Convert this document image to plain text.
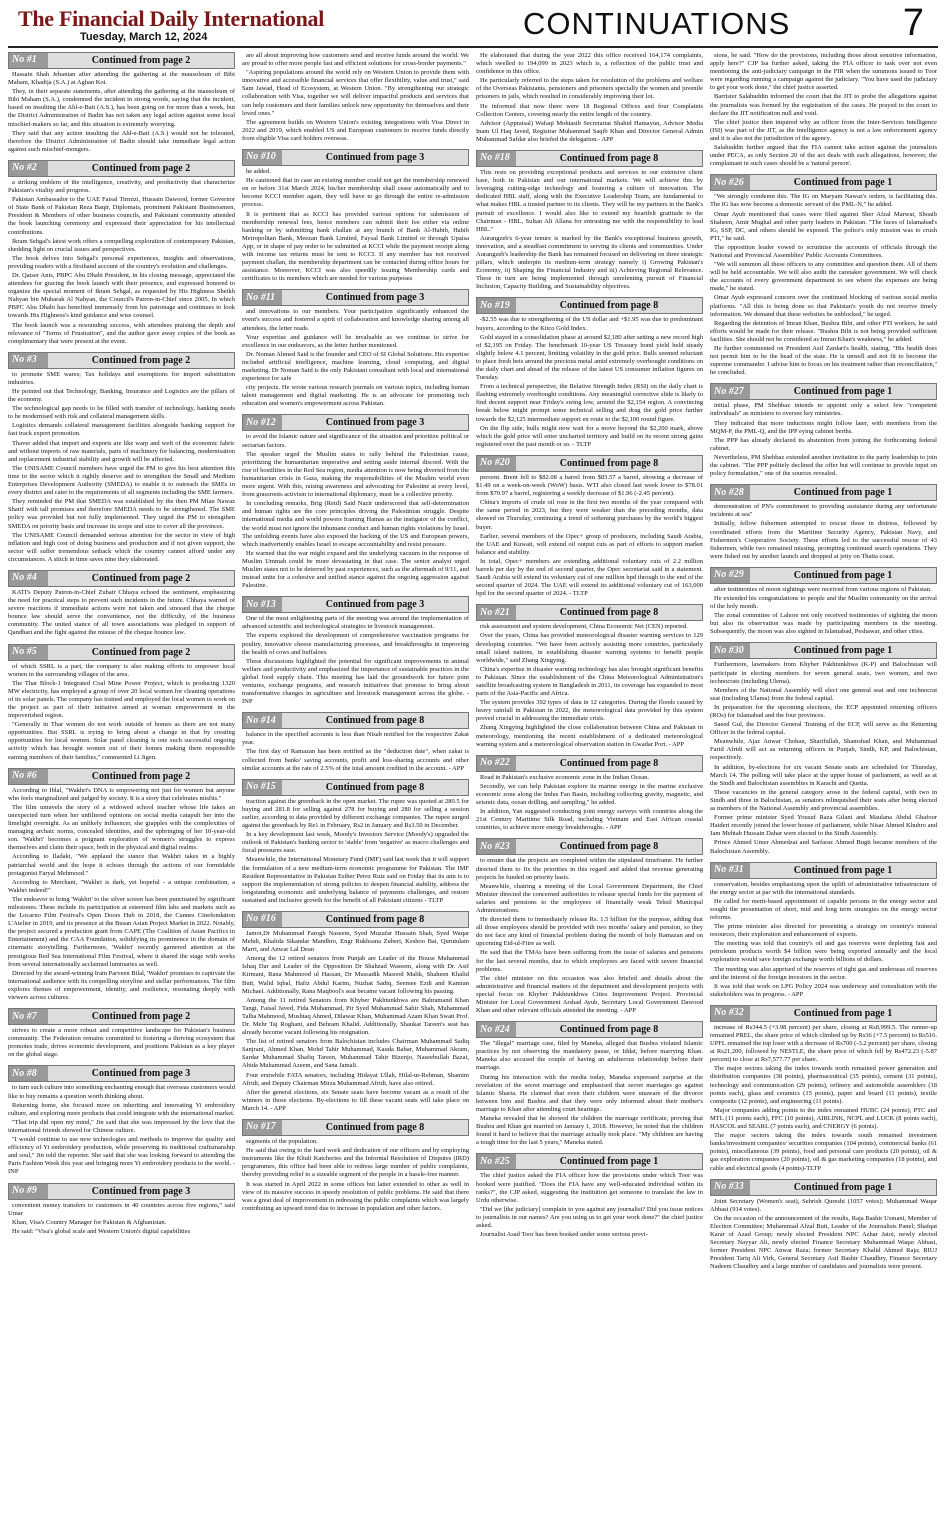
The Financial Daily International
Tuesday, March 12, 2024	CONTINUATIONS	7
No #1	Continued from page 2

Hassain Shah Jehanian after attending the gathering at the mausoleum of Bibi Maham, Khadija (S.A.) at Aghan Kot.

They, in their separate statements, after attending the gathering at the mausoleum of Bibi Maham (S.A.), condemned the incident in strong words, saying that the incident, based on insulting the Ahl-e-Bait (A.S.), has been going on for more than a week, but the District Administration of Badin has not taken any legal action against some local mischief-makers so far, and this situation is extremely worrying.

They said that any action insulting the Ahl-e-Bait (A.S.) would not be tolerated, therefore the District Administration of Badin should take immediate legal action against such mischief-mongers.

No #2	Continued from page 2

a striking emblem of the intelligence, creativity, and productivity that characterize Pakistan's vitality and progress.

Pakistan Ambassador to the UAE Faisal Tirmizi, Hussain Dawood, former Governor of State Bank of Pakistan Reza Baqir, Diplomats, prominent Pakistani Businessmen, President & Members of other business councils, and Pakistani community attended the book launching ceremony and expressed their appreciation for his intellectual contributions.

Ikram Sehgal's latest work offers a compelling exploration of contemporary Pakistan, shedding light on crucial issues and perspectives.

The book delves into Sehgal's personal experiences, insights and observations, providing readers with a firsthand account of the country's evolution and challenges.

Dr. Qaiser Anis, PBPC Abu Dhabi President, in his closing message, appreciated the attendees for gracing the book launch with their presence, and expressed honored to organize the special moment of Ikram Sehgal, as requested by His Highness Sheikh Nahyan bin Mubarak Al Nahyan, the Council's Patron-in-Chief since 2005. In which PBPC Abu Dhabi has benefited immensely from his patronage and continues to look towards His Highness's kind guidance and wise counsel.

The book launch was a resounding success, with attendees praising the depth and relevance of "Terms of Frustration", and the author gave away copies of the book as complimentary that were present at the event.

No #3	Continued from page 2

to promote SME wares; Tax holidays and exemptions for import substitution industries.

He pointed out that Technology, Banking, Insurance and Logistics are the pillars of the economy.

The technological gap needs to be filled with transfer of technology, banking needs to be modernised with risk and collateral management skills.

Logistics demands collateral management facilities alongside banking support for fast track export promotion.

Thaver added that import and exports are like warp and weft of the economic fabric and without imports of raw materials, parts of machinery for balancing, modernisation and replacement industrial stability and growth will be affected.

The UNISAME Council members have urged the PM to give his best attention this time to the sector which it rightly deserve and to strengthen the Small and Medium Enterprises Development Authority (SMEDA) to enable it to outreach the SMEs in every district and cater to the requirements of all segments including the SME farmers.

They reminded the PM that SMEDA was established by the then PM Mian Nawaz Sharif with tall promises and therefore SMEDA needs to be strengthened. The SME policy was provided but not fully implemented. They urged the PM to strengthen SMEDA on priority basis and increase its scope and size to cover all the provinces.

The UNISAME Council demanded serious attention for the sector in view of high inflation and high cost of doing business and production and if not given support, the sector will suffer tremendous setback which the country cannot afford under any circumstances. A stitch in time saves nine they elaborated.

No #4	Continued from page 2

KATI's Deputy Patron-in-Chief Zubair Chhaya echoed the sentiment, emphasizing the need for practical steps to prevent such incidents in the future. Chhaya warned of severe reactions if immediate actions were not taken and stressed that the cheque bounce law should serve the convenience, not the difficulty, of the business community. The united stance of all town associations was pledged in support of Qandhari and the fight against the misuse of the cheque bounce law.

No #5	Continued from page 2

of which SSRL is a part, the company is also making efforts to empower local women in the surrounding villages of the area.

The Thar Block-1 Integrated Coal Mine Power Project, which is producing 1320 MW electricity, has employed a group of over 20 local women for cleaning operations of its solar panels. The company has trained and employed the local women to work on the project as part of their initiative aimed at woman empowerment in the impoverished region.

"Generally in Thar women do not work outside of homes as there are not many opportunities. But SSRL is trying to bring about a change in that by creating opportunities for local women. Solar panel cleaning is one such successful ongoing activity which has brought women out of their homes making them responsible earning members of their families," commented Li Jigen.

No #6	Continued from page 2

According to Iblal, "Wakhri's DNA is empowering not just for women but anyone who feels marginalized and judged by society. It is a story that celebrates misfits."

The film unravels the story of a widowed school teacher whose life takes an unexpected turn when her unfiltered opinions on social media catapult her into the limelight overnight. As an unlikely influencer, she grapples with the complexities of managing archaic norms, concealed identities, and the upbringing of her 10-year-old son. 'Wakhri' becomes a poignant exploration of women's struggles to express themselves and claim their space, both in the physical and digital realms.

According to Iladaki, "We applaud the stance that Wakhri takes in a highly patriarchal world and the hope it echoes through the actions of our formidable protagonist Faryal Mehmood."

According to Merchant, "Wakhri is dark, yet hopeful - a unique combination, a Wakhri indeed!"

The endeavor to bring 'Wakhri' to the silver screen has been punctuated by significant milestones. These include its participation at esteemed film labs and markets such as the Locarno Film Festival's Open Doors Hub in 2018, the Cannes Cinefondation L'Atelier in 2019, and its presence at the Busan Asian Project Market in 2022. Notably, the project secured a production grant from CAPE (The Coalition of Asian Pacifics in Entertainment) and the CAA Foundation, solidifying its prominence in the domain of cinematic storytelling. Furthermore, 'Wakhri' recently garnered attention at the prestigious Red Sea International Film Festival, where it shared the stage with works from several internationally acclaimed luminaries as well.

Directed by the award-winning Iram Parveen Bilal, 'Wakhri' promises to captivate the international audience with its compelling storyline and stellar performances. The film explores themes of empowerment, identity, and resilience, resonating deeply with viewers across cultures.

No #7	Continued from page 2

strives to create a more robust and competitive landscape for Pakistan's business community. The Federation remains committed to fostering a thriving ecosystem that promotes trade, drives economic development, and positions Pakistan as a key player on the global stage.

No #8	Continued from page 3

to turn such culture into something enchanting enough that overseas customers would like to buy remains a question worth thinking about.

Returning home, she focused more on inheriting and innovating Yi embroidery culture, and exploring more products that could integrate with the international market.

"That trip did open my mind," Jin said that she was impressed by the love that the international friends showed for Chinese culture.

"I would continue to use new technologies and methods to improve the quality and efficiency of Yi embroidery production, while preserving its traditional craftsmanship and soul," Jin told the reporter. She said that she was looking forward to attending the Paris Fashion Week this year and bringing more Yi embroidery products to the world. - INP

No #9	Continued from page 3

convenient money transfers to customers in 40 countries across five regions," said Umar

Khan, Visa's Country Manager for Pakistan & Afghanistan.

He said: "Visa's global scale and Western Union's digital capabilities

are all about improving how customers send and receive funds around the world. We are proud to offer more people fast and efficient solutions for cross-border payments."

"Aspiring populations around the world rely on Western Union to provide them with innovative and accessible financial services that offer flexibility, value and trust," said Sam Jawad, Head of Ecosystem, at Western Union. "By strengthening our strategic collaboration with Visa, together we will deliver impactful products and services that can help customers and their families unlock new opportunity for themselves and their loved ones."

The agreement builds on Western Union's existing integrations with Visa Direct in 2022 and 2019, which enabled US and European customers to receive funds directly from eligible Visa card holders overseas.

No #10	Continued from page 3

he added.

He cautioned that in case an existing member could not get the membership renewed on or before 31st March 2024, his/her membership shall cease automatically and to become KCCI member again, they will have to go through the entire re-admission process.

It is pertinent that as KCCI has provided various options for submission of membership renewal fees, hence members can submit their fee either via online banking or by submitting bank challan at any branch of Bank Al-Habib, Habib Metropolitan Bank, Meezan Bank Limited, Faysal Bank Limited or through Upaisa App, or in shape of pay order to be submitted at KCCI while the payment receipt along with income tax returns must be sent to KCCI. If any member has not received payment challan, the membership department can be contacted during office hours for assistance. Moreover, KCCI was also speedily issuing Membership cards and certificates to its members which are needed for various purposes

No #11	Continued from page 3

and innovations to our members. Your participation significantly enhanced the event's success and fostered a spirit of collaboration and knowledge sharing among all attendees, the letter reads.

Your expertise and guidance will be invaluable as we continue to strive for excellence in our endeavors, as the letter further mentioned.

Dr. Noman Ahmed Said is the founder and CEO of SI Global Solutions. His expertise included artificial intelligence, machine learning, cloud computing, and digital marketing. Dr Noman Said is the only Pakistani consultant with local and international experience for safe

city projects. He wrote various research journals on various topics, including human talent management and digital marketing. He is an advocate for promoting tech education and women's empowerment across Pakistan.

No #12	Continued from page 3

to avoid the Islamic nature and significance of the situation and prioritize political or sectarian factors.

The speaker urged the Muslim states to rally behind the Palestinian cause, prioritizing the humanitarian imperative and setting aside internal discord. With the rise of hostilities in the Red Sea region, media attention is now being diverted from the humanitarian crisis in Gaza, making the responsibilities of the Muslim world even more urgent. With this, raising awareness and advocating for Palestine at every level, from grassroots activism to international diplomacy, must be a collective priority.

In concluding remarks, Brig (Retd) Said Nazir underscored that self-determination and human rights are the core principles driving the Palestinian struggle. Despite international media and world powers framing Hamas as the instigator of the conflict, the world must not ignore the inhumane conduct and human rights violations by Israel. The unfolding events have also exposed the backing of the US and European powers, which inadvertently enables Israel to escape accountability and resist pressure.

He warned that the war might expand and the underlying vacuum in the response of Muslim Ummah could be more devastating in that case. The senior analyst urged Muslim states not to be deterred by past experiences, such as the aftermath of 9/11, and instead unite for a cohesive and unified stance against the ongoing aggression against Palestine.

No #13	Continued from page 3

One of the most enlightening parts of the meeting was around the implementation of advanced scientific and technological strategies in livestock management.

The experts explored the development of comprehensive vaccination programs for poultry, innovative cheese manufacturing processes, and breakthroughs in improving the health of cows and buffaloes.

These discussions highlighted the potential for significant improvements in animal welfare and productivity and emphasized the importance of sustainable practices in the global food supply chain. This meeting has laid the groundwork for future joint ventures, exchange programs, and research initiatives that promise to bring about transformative changes in agriculture and livestock management across the globe. - INP

No #14	Continued from page 8

balance in the specified accounts is less than Nisab notified for the respective Zakat year.

The first day of Ramazan has been notified as the "deduction date", when zakat is collected from banks' saving accounts, profit and loss-sharing accounts and other similar accounts at the rate of 2.5% of the total amount credited in the account. - APP

No #15	Continued from page 8

traction against the greenback in the open market. The rupee was quoted at 280.5 for buying and 281.8 for selling against 278 for buying and 280 for selling a session earlier, according to data provided by different exchange companies. The rupee surged against the greenback by Re1 in February, Rs2 in January and Rs3.50 in December.

In a key development last week, Moody's Investors Service (Moody's) upgraded the outlook of Pakistan's banking sector to 'stable' from 'negative' as macro challenges and fiscal pressures ease.

Meanwhile, the International Monetary Fund (IMF) said last week that it will support the formulation of a new medium-term economic programme for Pakistan. The IMF Resident Representative in Pakistan Esther Perez Ruiz said on Friday that its aim is to support the implementation of strong policies to deepen financial stability, address the longstanding economic and underlying balance of payments challenges, and restore sustained and inclusive growth for the benefit of all Pakistani citizens - TLTP

No #16	Continued from page 8

Jamot,Dr Muhammad Farogh Naseem, Syed Muzafar Hussain Shah, Syed Waqar Mehdi, Khalida Sikandar Mandhro, Engr Rukhsana Zuberi, Keshoo Bai, Qurutulain Marri, and Anwar Lal Dean

Among the 12 retired senators from Punjab are Leader of the House Muhammad Ishaq Dar and Leader of the Opposition Dr Shahzad Waseem, along with Dr. Asif Kirmani, Rana Mahmood ul Hassan, Dr Mussadik Masood Malik, Shaheen Khalid Butt, Walid Iqbal, Hafiz Abdul Karim, Nuzhat Sadiq, Seemee Ezdi and Kamran Michael. Additionally, Rana Maqbool's seat became vacant following his passing.

Among the 11 retired Senators from Khyber Pakhtunkhwa are Bahramand Khan Tangi, Faisal Javed, Fida Muhammad, Pir Syed Muhammad Sabir Shah, Muhammad Talha Mahmood, Mushtaq Ahmed, Dilawar Khan, Muhammad Azam Khan Swati Prof. Dr. Mehr Taj Roghani, and Behram Khalid. Additionally, Shaukat Tareen's seat has already become vacant following his resignation.

The list of retired senators from Balochistan includes Chairman Muhammad Sadiq Sanjrani, Ahmed Khan, Mohd Tahir Muhammad, Kauda Babar, Muhammad Akram, Sardar Muhammad Shafiq Tareen, Muhammad Tahir Bizenjo, Naseebullah Bazai, Abida Muhammad Azeem, and Sana Jamali.

Four erstwhile FATA senators, including Hidayat Ullah, Hilal-ur-Rehman, Shamim Afridi, and Deputy Chairman Mirza Muhammad Afridi, have also retired.

After the general elections, six Senate seats have become vacant as a result of the winners in those elections. By-elections to fill these vacant seats will take place on March 14. - APP

No #17	Continued from page 8

segments of the population.

He said that owing to the hard work and dedication of our officers and by employing instruments like the Khuli Katcheries and the Informal Resolution of Disputes (IRD) programmes, this office had been able to redress large number of public complaints, thereby providing relief to a sizeable segment of the people in a hassle-free manner.

It was started in April 2022 in some offices but latter extended to other as well in view of its massive success in speedy resolution of public problems. He said that there was a great deal of improvement in redressing the public complaints which was largely contributing an upward trend due to increase in population and other factors.

He elaborated that during the year 2022 this office received 164,174 complaints, which swelled to 194,099 in 2023 which is, a reflection of the public trust and confidence in this office.

He particularly referred to the steps taken for resolution of the problems and welfare of the Overseas Pakistanis, pensioners and prisoners specially the women and juvenile prisoners in jails, which resulted in considerably improving their lot.

He informed that now there were 18 Regional Offices and four Complaints Collection Centers, covering nearly the entire length of the country.

Advisor (Appraisal) Wafaqi Mohtasib Secretariat Shahid Hamayun, Advisor Media Inam Ul Haq Javed, Registrar Muhammad Saqib Khan and Director General Admin Muhammad Safdar also briefed the delegation.- APP

No #18	Continued from page 8

This rests on providing exceptional products and services to our extensive client base, both in Pakistan and our international markets. We will achieve this by leveraging cutting-edge technology and fostering a culture of innovation. The dedicated HBL staff, along with the Executive Leadership Team, are fundamental to what makes HBL a trusted partner to its clients. They will be my partners in the Bank's pursuit of excellence. I would also like to extend my heartfelt gratitude to the Chairman - HBL, Sultan Ali Allana for entrusting me with the responsibility to lead HBL."

Aurangzeb's 6-year tenure is marked by the Bank's exceptional business growth, innovation, and a steadfast commitment to serving its clients and communities. Under Aurangzeb's leadership the Bank has remained focused on delivering on three strategic pillars, which underpin its medium-term strategy namely i) Growing Pakistan's Economy, ii) Shaping the Financial Industry and iii) Achieving Regional Relevance. These in turn are being implemented through unrelenting pursuit of Financial Inclusion, Capacity Building, and Sustainability objectives.

No #19	Continued from page 8

-$2.55 was due to strengthening of the US dollar and +$1.95 was due to predominant buyers, according to the Kitco Gold Index.

Gold stayed in a consolidation phase at around $2,180 after setting a new record high of $2,195 on Friday. The benchmark 10-year US Treasury bond yield held steady slightly below 4.1 percent, limiting volatility in the gold price. Bulls seemed reluctant to place fresh bets around the precious metal amid extremely overbought conditions on the daily chart and ahead of the release of the latest US consumer inflation figures on Tuesday.

From a technical perspective, the Relative Strength Index (RSI) on the daily chart is flashing extremely overbought conditions. Any meaningful corrective slide is likely to find decent support near Friday's swing low, around the $2,154 region. A convincing break below might prompt some technical selling and drag the gold price further towards the $2,125 intermediate support en route to the $2,100 round figure.

On the flip side, bulls might now wait for a move beyond the $2,200 mark, above which the gold price will enter uncharted territory and build on its recent strong gains registered over the past month or so. - TLTP

No #20	Continued from page 8

percent. Brent fell to $82.08 a barrel from $83.57 a barrel, showing a decrease of $1.49 on a week-on-week (WoW) basis. WTI also closed last week lower to $78.01 from $79.97 a barrel, registering a weekly decrease of $1.96 (-2.45 percent).

China's imports of crude oil rose in the first two months of the year compared with the same period in 2023, but they were weaker than the preceding months, data showed on Thursday, continuing a trend of softening purchases by the world's biggest buyer.

Earlier, several members of the Opec+ group of producers, including Saudi Arabia, the UAE and Kuwait, will extend oil output cuts as part of efforts to support market balance and stability.

In total, Opec+ members are extending additional voluntary cuts of 2.2 million barrels per day by the end of second quarter, the Opec secretariat said in a statement. Saudi Arabia will extend its voluntary cut of one million bpd through to the end of the second quarter of 2024. The UAE will extend its additional voluntary cut of 163,000 bpd for the second quarter of 2024. - TLTP

No #21	Continued from page 8

risk assessment and system development, China Economic Net (CEN) reported.

Over the years, China has provided meteorological disaster warning services to 129 developing countries. "We have been actively assisting more countries, particularly small island nations, in establishing disaster warning systems to benefit people worldwide," said Zhang Xingying.

China's expertise in disaster warning technology has also brought significant benefits to Pakistan. Since the establishment of the China Meteorological Administration's satellite broadcasting system in Bangladesh in 2011, its coverage has expanded to most parts of the Asia-Pacific and Africa.

The system provides 392 types of data in 12 categories. During the floods caused by heavy rainfall in Pakistan in 2022, the meteorological data provided by this system proved crucial in addressing the immediate crisis.

Zhang Xingying highlighted the close collaboration between China and Pakistan in meteorology, mentioning the recent establishment of a dedicated meteorological warning system and a meteorological observation station in Gwadar Port. - APP

No #22	Continued from page 8

Road in Pakistan's exclusive economic zone in the Indian Ocean.

Secondly, we can help Pakistan explore its marine energy in the marine exclusive economic zone along the Indus Fan Basin, including collecting gravity, magnetic, and seismic data, ocean drilling, and sampling," he added.

In addition, Yan suggested conducting joint energy surveys with countries along the 21st Century Maritime Silk Road, including Vietnam and East African coastal countries, to achieve more energy breakthroughs. - APP

No #23	Continued from page 8

to ensure that the projects are completed within the stipulated timeframe. He further directed them to fix the priorities in this regard and added that revenue generating projects be funded on priority basis.

Meanwhile, chairing a meeting of the Local Government Department, the Chief Minister directed the concerned authorities to release special funds for the payment of salaries and pensions to the employees of financially weak Tehsil Municipal Administrations.

He directed them to immediately release Rs. 1.5 billion for the purpose, adding that all those employees should be provided with two months' salary and pension, so they do not face any kind of financial problem during the month of holy Ramazan and on upcoming Eid-ul-Fitre as well.

He said that the TMAs have been suffering from the issue of salaries and pensions for the last several months, due to which employees are faced with severe financial problems.

The chief minister on this occasion was also briefed and details about the administrative and financial matters of the department and development projects with special focus on Khyber Pakhtunkhwa Cities Improvement Project. Provincial Minister for Local Government Arshad Ayub, Secretary Local Government Dawood Khan and other relevant officials attended the meeting. - APP

No #24	Continued from page 8

The "illegal" marriage case, filed by Maneka, alleged that Bushra violated Islamic practices by not observing the mandatory pause, or Iddat, before marrying Khan. Maneka also accused the couple of having an adulterous relationship before their marriage.

During his interaction with the media today, Maneka expressed surprise at the revelation of the secret marriage and emphasised that secret marriages go against Islamic Sharia. He claimed that even their children were unaware of the divorce between him and Bushra and that they were only informed about their mother's marriage to Khan after attending court hearings.

Maneka revealed that he showed the children the marriage certificate, proving that Bushra and Khan got married on January 1, 2018. However, he noted that the children found it hard to believe that the marriage actually took place. "My children are having a tough time for the last 5 years," Maneka stated.

No #25	Continued from page 1

The chief justice asked the FIA officer how the provisions under which Toor was booked were justified. "Does the FIA have any well-educated individual within its ranks?", the CJP asked, suggesting the institution get someone to translate the law in Urdu otherwise.

"Did we [the judiciary] complain to you against any journalist? Did you issue notices to journalists in our names? Are you using us to get your work done?" the chief justice asked.

Journalist Asad Toor has been booked under some serious provi-

sions, he said. "How do the provisions, including those about sensitive information, apply here?" CJP Isa further asked, taking the FIA officer to task over not even mentioning the anti-judiciary campaign in the FIR when the summons issued to Toor were regarding running a campaign against the judiciary. "You have used the judiciary to get your work done," the chief justice asserted.

Barrister Salahuddin informed the court that the JIT to probe the allegations against the journalists was formed by the registration of the cases. He prayed to the court to declare the JIT notification null and void.

The chief justice then inquired why an officer from the Inter-Services Intelligence (ISI) was part of the JIT, as the intelligence agency is not a law enforcement agency and it is also not the jurisdiction of the agency.

Salahuddin further argued that the FIA cannot take action against the journalists under PECA, as only Section 20 of the act deals with such allegations, however, the complainant in such cases should be a 'natural person'.

No #26	Continued from page 1

"We strongly condemn this. The IG on Maryam Nawaz's orders, is facilitating this. The IG has now become a domestic servant of the PML-N," he added.

Omar Ayub mentioned that cases were filed against Sher Afzal Marwat, Shoaib Shaheen, Amir Mughal and other party leaders in Pakistan. "The faces of Islamabad's IG, SSP, DC, and others should be exposed. The police's only mission was to crush PTI," he said.

The opposition leader vowed to scrutinise the accounts of officials through the National and Provincial Assemblies' Public Accounts Committees.

"We will summon all these officers to any committee and question them. All of them will be held accountable. We will also audit the caretaker government. We will check the accounts of every government department to see where the expenses are being made," he stated.

Omar Ayub expressed concern over the continued blocking of various social media platforms. "All this is being done so that Pakistan's youth do not receive timely information. We demand that these websites be unblocked," he urged.

Regarding the detention of Imran Khan, Bushra Bibi, and other PTI workers, he said efforts would be made for their release. "Bushra Bibi is not being provided sufficient facilities. She should not be considered as Imran Khan's weakness," he added.

He further commented on President Asif Zardari's health, stating, "His health does not permit him to be the head of the state. He is unwell and not fit to become the supreme commander. I advise him to focus on his treatment rather than reconciliation," he concluded.

No #27	Continued from page 1

initial phase, PM Shehbaz intends to appoint only a select few "competent individuals" as ministers to oversee key ministries.

They indicated that more inductions might follow later, with members from the MQM-P, the PML-Q, and the IPP eying cabinet berths.

The PPP has already declared its abstention from joining the forthcoming federal cabinet.

Nevertheless, PM Shehbaz extended another invitation to the party leadership to join the cabinet. "The PPP politely declined the offer but will continue to provide input on policy formulation," one of the sources revealed.

No #28	Continued from page 1

demonstration of PN's commitment to providing assistance during any unfortunate incidents at sea"

Initially, fellow fishermen attempted to rescue those in distress, followed by coordinated efforts from the Maritime Security Agency, Pakistan Navy, and Fishermen's Cooperative Society. These efforts led to the successful rescue of 43 fishermen, while two remained missing, prompting continued search operations. They were fished out by another launch and dropped at jetty on Thatta coast.

No #29	Continued from page 1

after testimonies of moon sightings were received from various regions of Pakistan.

He extended his congratulations to people and the Muslim community on the arrival of the holy month.

The zonal committee of Lahore not only received testimonies of sighting the moon but also its observation was made by participating members in the meeting. Subsequently, the moon was also sighted in Islamabad, Peshawar, and other cities.

No #30	Continued from page 1

Furthermore, lawmakers from Khyber Pakhtunkhwa (K-P) and Balochistan will participate in electing members for seven general seats, two women, and two technocrats (including Ulema).

Members of the National Assembly will elect one general seat and one technocrat seat (including Ulama) from the federal capital.

In preparation for the upcoming elections, the ECP appointed returning officers (ROs) for Islamabad and the four provinces.

Saeed Gul, the Director General Training of the ECP, will serve as the Returning Officer in the federal capital.

Meanwhile, Ajaz Anwar Chohan, Sharifullah, Shamshad Khan, and Muhammad Farid Afridi will act as returning officers in Punjab, Sindh, KP, and Balochistan, respectively.

In addition, by-elections for six vacant Senate seats are scheduled for Thursday, March 14. The polling will take place at the upper house of parliament, as well as at the Sindh and Balochistan assemblies in Karachi and Quetta.

These vacancies in the general category arose in the federal capital, with two in Sindh and three in Balochistan, as senators relinquished their seats after being elected as members of the National Assembly and provincial assemblies.

Former prime minister Syed Yousuf Raza Gilani and Maulana Abdul Ghafoor Haideri recently joined the lower house of parliament, while Nisar Ahmed Khuhro and Jam Mehtab Hussain Dahar were elected to the Sindh Assembly.

Prince Ahmed Umer Ahmedzai and Sarfaraz Ahmed Bugti became members of the Balochistan Assembly.

No #31	Continued from page 1

conservation, besides emphasising upon the uplift of administrative infrastructure of the energy sector at par with the international standards.

He called for merit-based appointment of capable persons in the energy sector and sought the presentation of short, mid and long term strategies on the energy sector reforms.

The prime minister also directed for presenting a strategy on country's mineral resources, their exploration and enhancement of exports.

The meeting was told that country's oil and gas reserves were depleting fast and petroleum products worth $4 billion were being exported annually and the local exploration would save foreign exchange worth billions of dollars.

The meeting was also apprised of the reserves of tight gas and underseas oil reserves and the interest of the foreign investors in the sector.

It was told that work on LPG Policy 2024 was underway and consultation with the stakeholders was in progress. - APP

No #32	Continued from page 1

increase of Rs344.5 (+3.98 percent) per share, closing at Rs8,999.5. The runner-up remained PREL, the share price of which climbed up by Rs36 (+7.5 percent) to Rs516. UPFL remained the top loser with a decrease of Rs700 (-3.2 percent) per share, closing at Rs21,200, followed by NESTLE, the share price of which fell by Rs472.23 (-5.87 percent) to close at Rs7,577.77 per share.

The major sectors taking the index towards north remained power generation and distribution companies (38 points), pharmaceutical (35 points), cement (31 points), technology and communication (29 points), refinery and automobile assemblers (18 points each), glass and ceramics (15 points), paper and board (11 points), textile composite (12 points), and engineering (11 points).

Major companies adding points to the index remained HUBC (24 points), PTC and MTL (11 points each), FFC (10 points), AIRLINK, NCPL and LUCK (8 points each), HASCOL and SEARL (7 points each), and CNERGY (6 points).

The major sectors taking the index towards south remained investment banks/investment companies/ securities companies (104 points), commercial banks (61 points), miscellaneous (39 points), food and personal care products (20 points), oil & gas exploration companies (20 points), oil & gas marketing companies (18 points), and cable and electrical goods (4 points)-TLTP

No #33	Continued from page 1

Joint Secretary (Women's seat), Sehrish Qureshi (1057 votes); Muhammad Waqar Abbasi (914 votes).

On the occasion of the announcement of the results, Raja Bashir Usmani, Member of Election Committee; Muhammad Afzal Butt, Leader of the Journalists Panel; Shafqat Karar of Azad Group; newly elected President NPC Azhar Jatoi, newly elected Secretary Nayyar Ali, newly elected Finance Secretary Muhammad Waqar Abbasi, former President NPC Anwar Raza; former Secretary Khalid Ahmed Raja; RIUJ President Tariq Ali Virk, General Secretary Asif Bashir Chaudhry, Finance Secretary Nadeem Chaudhry and a large number of candidates and journalists were present.
